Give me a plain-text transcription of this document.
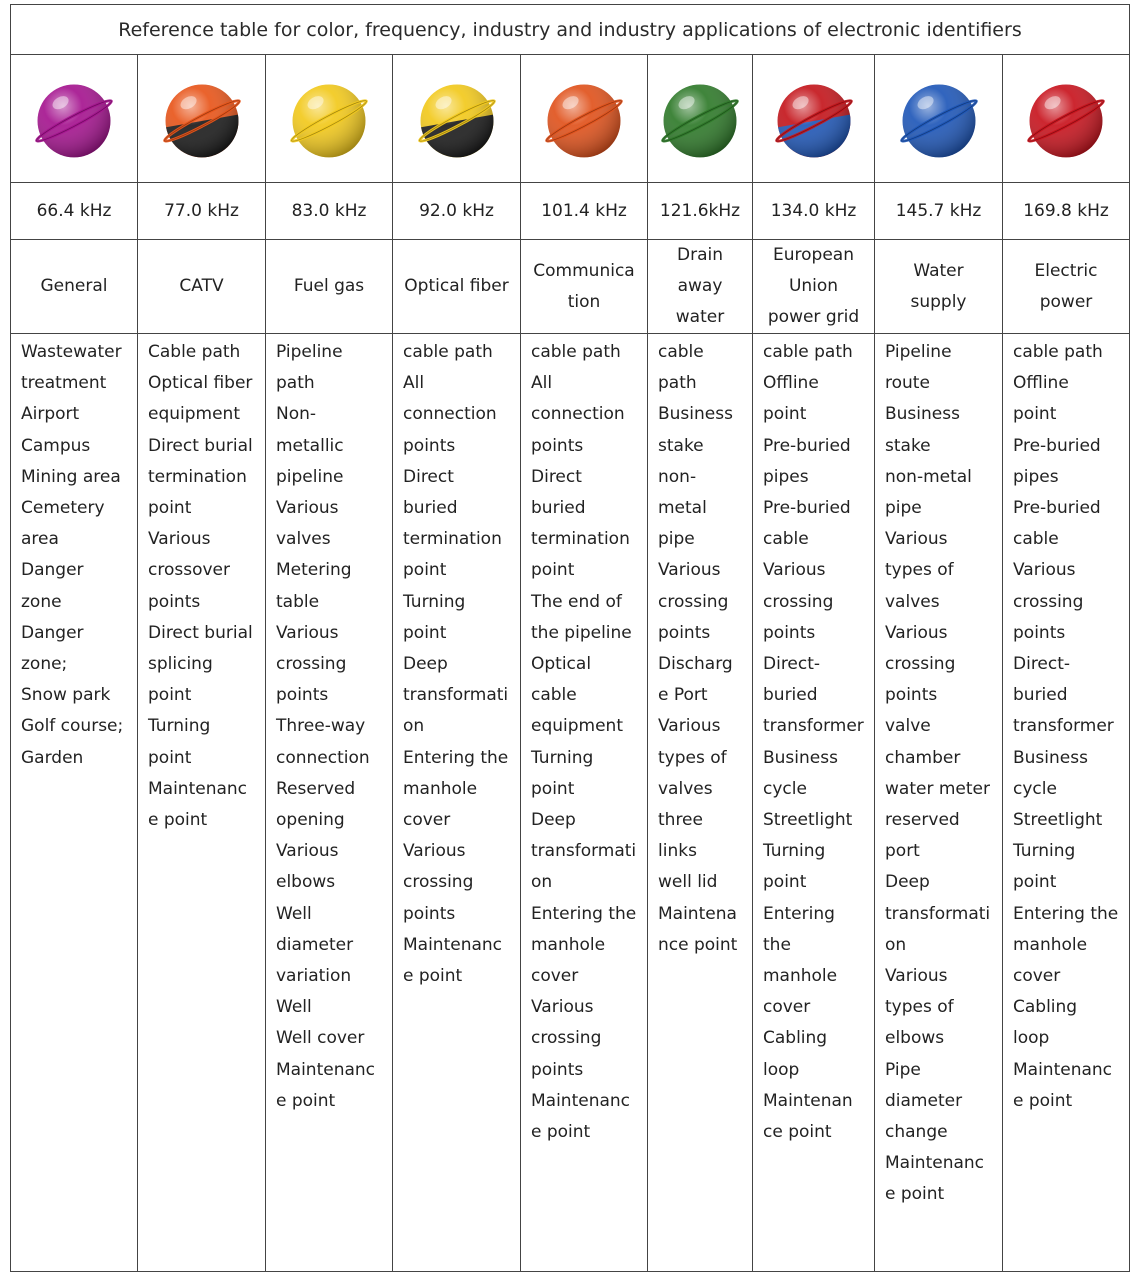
Reference table for color, frequency, industry and industry applications of electronic identifiers
66.4 kHz
General
Wastewater
treatment
Airport
Campus
Mining area
Cemetery
area
Danger
zone
Danger
zone;
Snow park
Golf course;
Garden
77.0 kHz
CATV
Cable path
Optical fiber
equipment
Direct burial
termination
point
Various
crossover
points
Direct burial
splicing
point
Turning
point
Maintenanc
e point
83.0 kHz
Fuel gas
Pipeline
path
Non-
metallic
pipeline
Various
valves
Metering
table
Various
crossing
points
Three-way
connection
Reserved
opening
Various
elbows
Well
diameter
variation
Well
Well cover
Maintenanc
e point
92.0 kHz
Optical fiber
cable path
All
connection
points
Direct
buried
termination
point
Turning
point
Deep
transformati
on
Entering the
manhole
cover
Various
crossing
points
Maintenanc
e point
101.4 kHz
Communica
tion
cable path
All
connection
points
Direct
buried
termination
point
The end of
the pipeline
Optical
cable
equipment
Turning
point
Deep
transformati
on
Entering the
manhole
cover
Various
crossing
points
Maintenanc
e point
121.6kHz
Drain
away
water
cable
path
Business
stake
non-
metal
pipe
Various
crossing
points
Discharg
e Port
Various
types of
valves
three
links
well lid
Maintena
nce point
134.0 kHz
European
Union
power grid
cable path
Offline
point
Pre-buried
pipes
Pre-buried
cable
Various
crossing
points
Direct-
buried
transformer
Business
cycle
Streetlight
Turning
point
Entering
the
manhole
cover
Cabling
loop
Maintenan
ce point
145.7 kHz
Water
supply
Pipeline
route
Business
stake
non-metal
pipe
Various
types of
valves
Various
crossing
points
valve
chamber
water meter
reserved
port
Deep
transformati
on
Various
types of
elbows
Pipe
diameter
change
Maintenanc
e point
169.8 kHz
Electric
power
cable path
Offline
point
Pre-buried
pipes
Pre-buried
cable
Various
crossing
points
Direct-
buried
transformer
Business
cycle
Streetlight
Turning
point
Entering the
manhole
cover
Cabling
loop
Maintenanc
e point
